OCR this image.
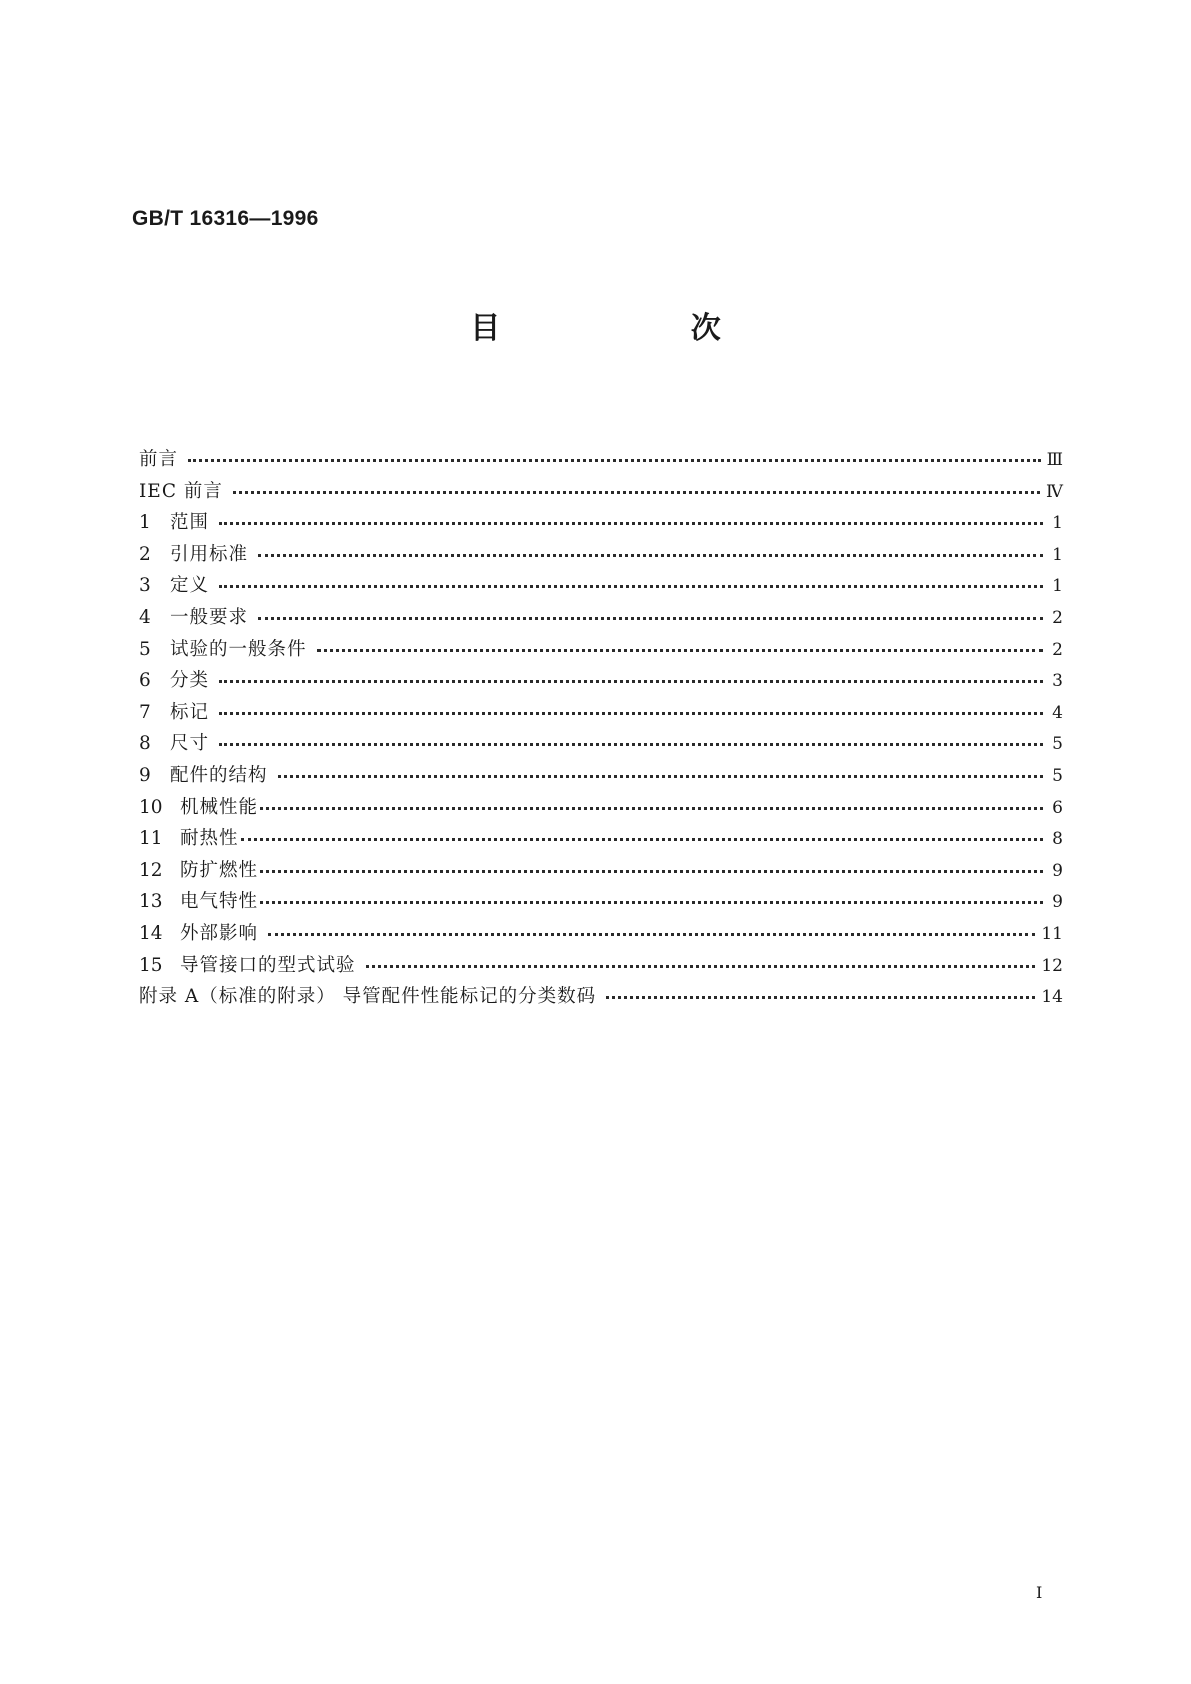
GB/T 16316—1996
目 次
前言	Ⅲ
IEC 前言	Ⅳ
1	范围	1
2	引用标准	1
3	定义	1
4	一般要求	2
5	试验的一般条件	2
6	分类	3
7	标记	4
8	尺寸	5
9	配件的结构	5
10 机械性能	6
11 耐热性	8
12 防扩燃性	9
13 电气特性	9
14 外部影响	11
15 导管接口的型式试验	12
附录 A（标准的附录） 导管配件性能标记的分类数码	14
Ⅰ
